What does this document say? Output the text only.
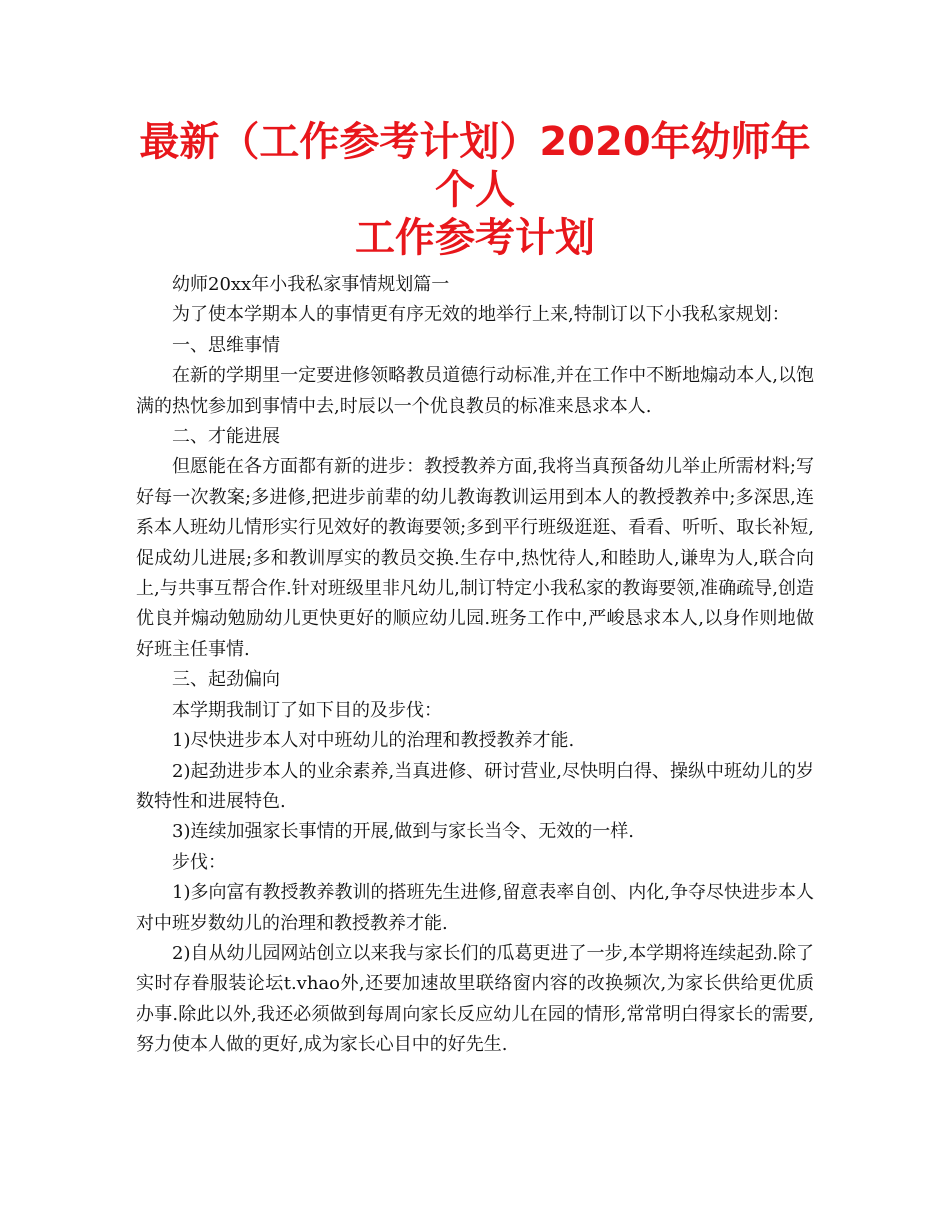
最新（工作参考计划）2020年幼师年个人
工作参考计划

幼师20xx年小我私家事情规划篇一

为了使本学期本人的事情更有序无效的地举行上来,特制订以下小我私家规划：

一、思维事情

在新的学期里一定要进修领略教员道德行动标准,并在工作中不断地煽动本人,以饱满的热忱参加到事情中去,时辰以一个优良教员的标准来恳求本人.

二、才能进展

但愿能在各方面都有新的进步：教授教养方面,我将当真预备幼儿举止所需材料;写好每一次教案;多进修,把进步前辈的幼儿教诲教训运用到本人的教授教养中;多深思,连系本人班幼儿情形实行见效好的教诲要领;多到平行班级逛逛、看看、听听、取长补短,促成幼儿进展;多和教训厚实的教员交换.生存中,热忱待人,和睦助人,谦卑为人,联合向上,与共事互帮合作.针对班级里非凡幼儿,制订特定小我私家的教诲要领,准确疏导,创造优良并煽动勉励幼儿更快更好的顺应幼儿园.班务工作中,严峻恳求本人,以身作则地做好班主任事情.

三、起劲偏向

本学期我制订了如下目的及步伐：

1)尽快进步本人对中班幼儿的治理和教授教养才能.

2)起劲进步本人的业余素养,当真进修、研讨营业,尽快明白得、操纵中班幼儿的岁数特性和进展特色.

3)连续加强家长事情的开展,做到与家长当令、无效的一样.

步伐：

1)多向富有教授教养教训的搭班先生进修,留意表率自创、内化,争夺尽快进步本人对中班岁数幼儿的治理和教授教养才能.

2)自从幼儿园网站创立以来我与家长们的瓜葛更进了一步,本学期将连续起劲.除了实时存眷服装论坛t.vhao外,还要加速故里联络窗内容的改换频次,为家长供给更优质办事.除此以外,我还必须做到每周向家长反应幼儿在园的情形,常常明白得家长的需要,努力使本人做的更好,成为家长心目中的好先生.
